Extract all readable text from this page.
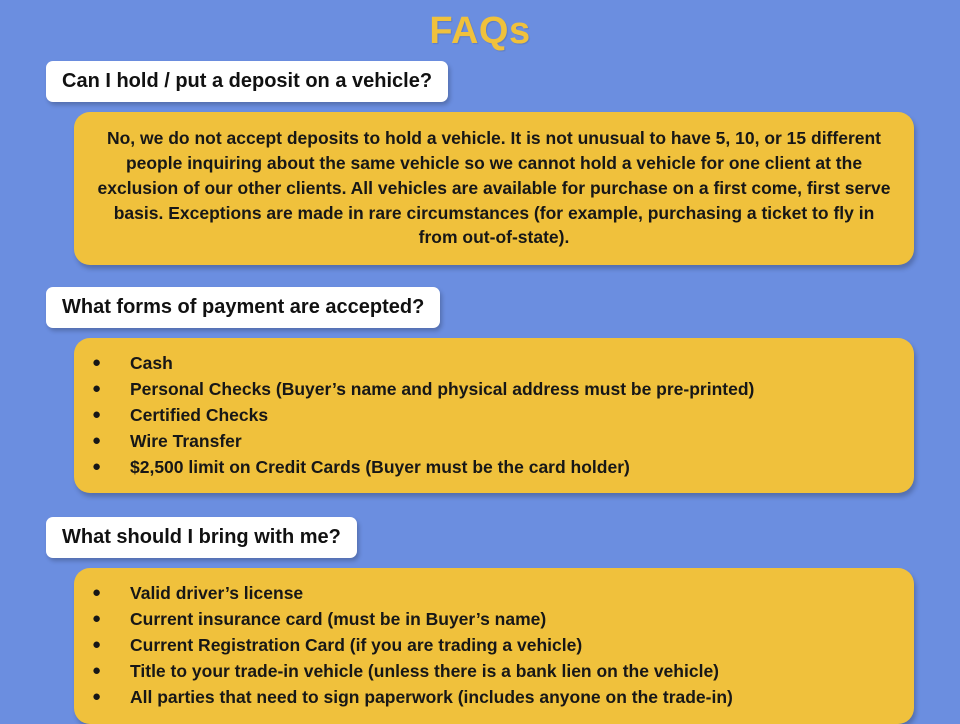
FAQs
Can I hold / put a deposit on a vehicle?
No, we do not accept deposits to hold a vehicle. It is not unusual to have 5, 10, or 15 different people inquiring about the same vehicle so we cannot hold a vehicle for one client at the exclusion of our other clients. All vehicles are available for purchase on a first come, first serve basis. Exceptions are made in rare circumstances (for example, purchasing a ticket to fly in from out-of-state).
What forms of payment are accepted?
●	Cash
●	Personal Checks (Buyer’s name and physical address must be pre-printed)
●	Certified Checks
●	Wire Transfer
●	$2,500 limit on Credit Cards (Buyer must be the card holder)
What should I bring with me?
●	Valid driver’s license
●	Current insurance card (must be in Buyer’s name)
●	Current Registration Card (if you are trading a vehicle)
●	Title to your trade-in vehicle (unless there is a bank lien on the vehicle)
●	All parties that need to sign paperwork (includes anyone on the trade-in)
